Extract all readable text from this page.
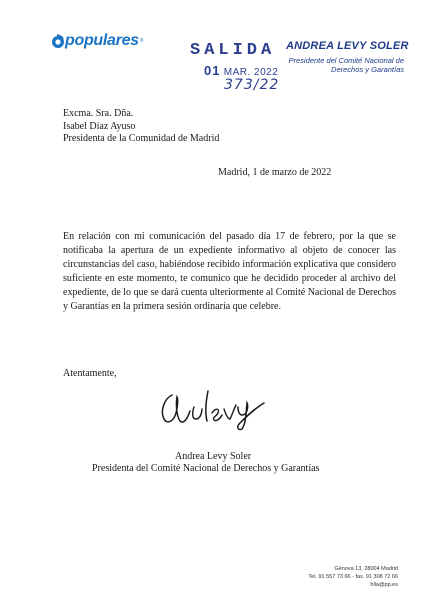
populares ®	SALIDA
01 MAR. 2022
373/22
ANDREA LEVY SOLER
Presidente del Comité Nacional de
Derechos y Garantías
Excma. Sra. Dña.
Isabel Díaz Ayuso
Presidenta de la Comunidad de Madrid
Madrid, 1 de marzo de 2022
En relación con mi comunicación del pasado día 17 de febrero, por la que se notificaba la apertura de un expediente informativo al objeto de conocer las circunstancias del caso, habiéndose recibido información explicativa que considero suficiente en este momento, te comunico que he decidido proceder al archivo del expediente, de lo que se dará cuenta ulteriormente al Comité Nacional de Derechos y Garantías en la primera sesión ordinaria que celebre.
Atentamente,
Andrea Levy Soler
Presidenta del Comité Nacional de Derechos y Garantías
Génova 13, 28004 Madrid
Tel. 91 557 73 66 - fax. 91 308 72 66
hlla@pp.es
